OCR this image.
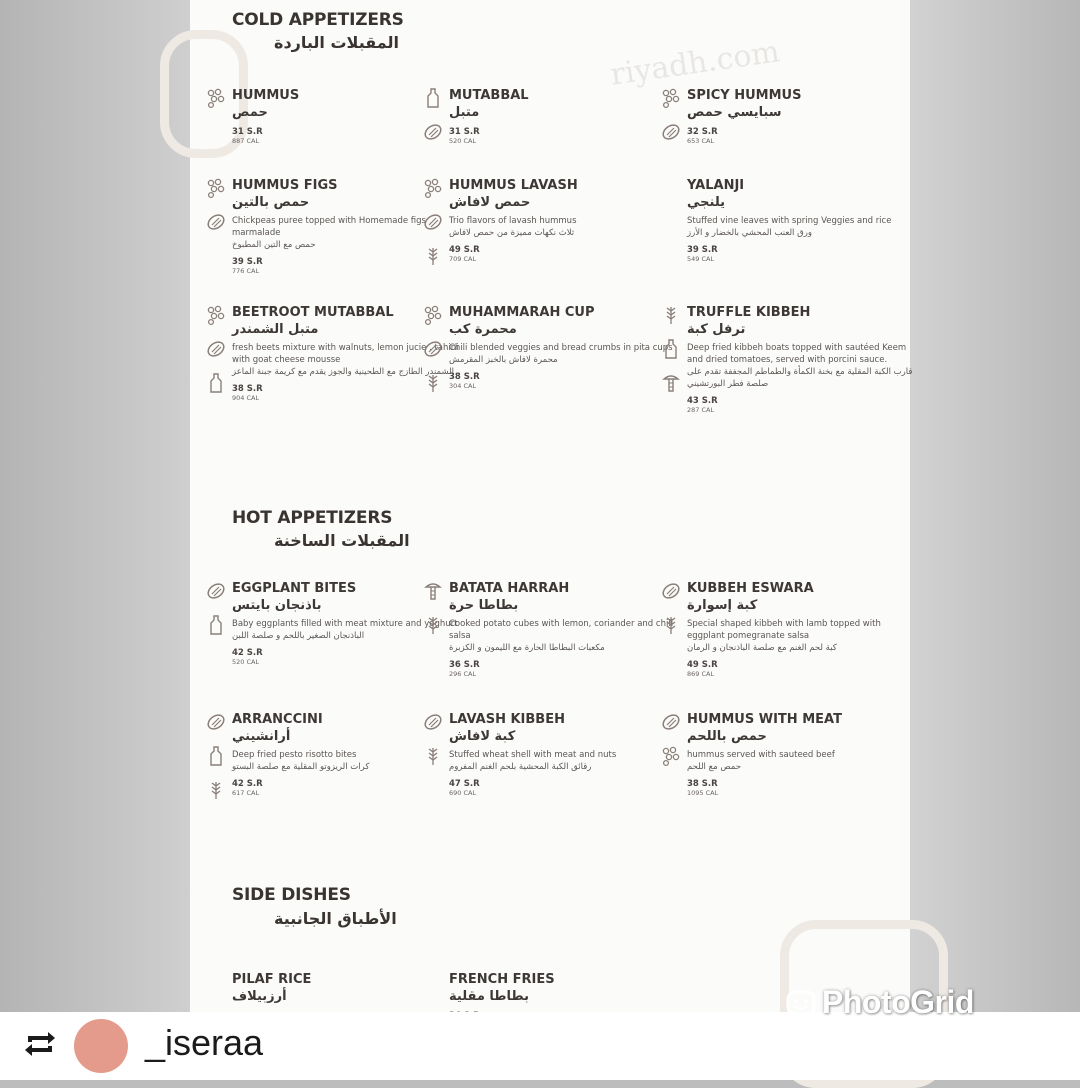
riyadh.com
COLD APPETIZERS
المقبلات الباردة
HOT APPETIZERS
المقبلات الساخنة
SIDE DISHES
الأطباق الجانبية
HUMMUS
حمص
31 S.R
887 CAL
MUTABBAL
متبل
31 S.R
520 CAL
SPICY HUMMUS
سبايسي حمص
32 S.R
653 CAL
HUMMUS FIGS
حمص بالتين
Chickpeas puree topped with Homemade figs marmalade
حمص مع التين المطبوخ
39 S.R
776 CAL
HUMMUS LAVASH
حمص لافاش
Trio flavors of lavash hummus
ثلاث نكهات مميزة من حمص لافاش
49 S.R
709 CAL
YALANJI
يلنجي
Stuffed vine leaves with spring Veggies and rice
ورق العنب المحشي بالخضار و الأرز
39 S.R
549 CAL
BEETROOT MUTABBAL
متبل الشمندر
fresh beets mixture with walnuts, lemon jucie , tahini with goat cheese mousse
الشمندر الطازج مع الطحينية والجوز يقدم مع كريمة جبنة الماعز
38 S.R
904 CAL
MUHAMMARAH CUP
محمرة كب
Chili blended veggies and bread crumbs in pita cups
محمرة لافاش بالخبز المقرمش
38 S.R
304 CAL
TRUFFLE KIBBEH
ترفل كبة
Deep fried kibbeh boats topped with sautéed Keem and dried tomatoes, served with porcini sauce.
قارب الكبة المقلية مع بخنة الكمأة والطماطم المجففة تقدم على صلصة فطر البورتشيني
43 S.R
287 CAL
EGGPLANT BITES
باذنجان بايتس
Baby eggplants filled with meat mixture and yoghurt
الباذنجان الصغير باللحم و صلصة اللبن
42 S.R
520 CAL
BATATA HARRAH
بطاطا حرة
Cooked potato cubes with lemon, coriander and chili salsa
مكعبات البطاطا الحارة مع الليمون و الكزبرة
36 S.R
296 CAL
KUBBEH ESWARA
كبة إسوارة
Special shaped kibbeh with lamb topped with eggplant pomegranate salsa
كبة لحم الغنم مع صلصة الباذنجان و الرمان
49 S.R
869 CAL
ARRANCCINI
أرانشيني
Deep fried pesto risotto bites
كرات الريزوتو المقلية مع صلصة البستو
42 S.R
617 CAL
LAVASH KIBBEH
كبة لافاش
Stuffed wheat shell with meat and nuts
رقائق الكبة المحشية بلحم الغنم المفروم
47 S.R
690 CAL
HUMMUS WITH MEAT
حمص باللحم
hummus served with sauteed beef
حمص مع اللحم
38 S.R
1095 CAL
PILAF RICE
أرزبيلاف
FRENCH FRIES
بطاطا مقلية
_iseraa
PhotoGrid
